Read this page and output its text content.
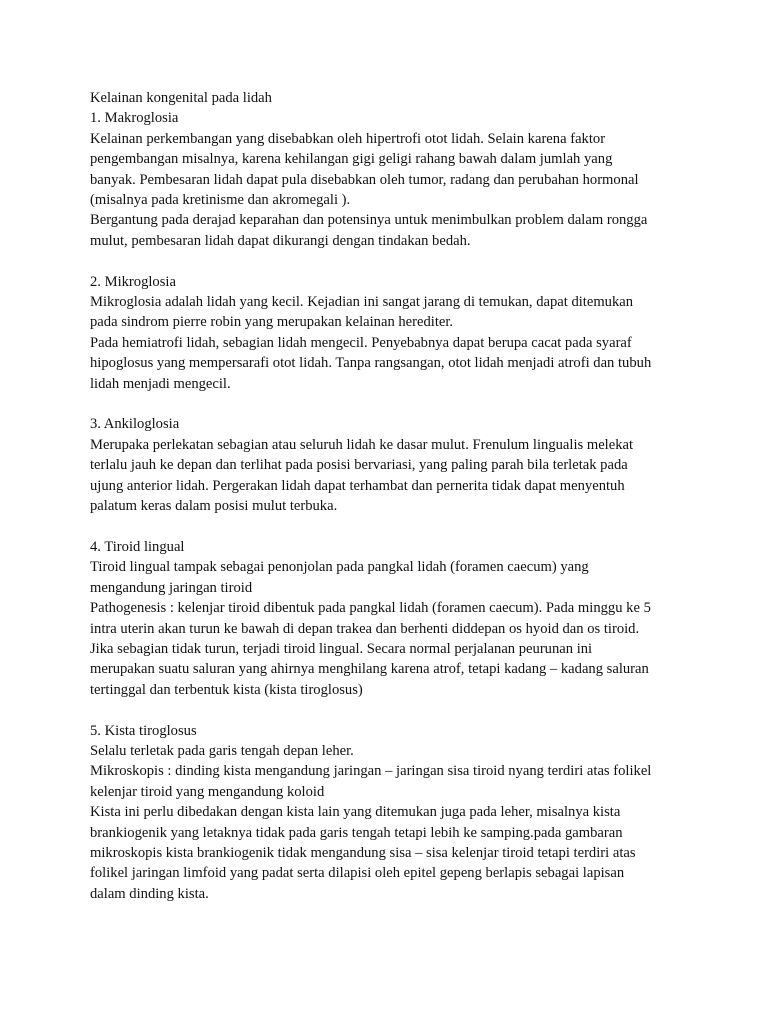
Kelainan kongenital pada lidah
1. Makroglosia
Kelainan perkembangan yang disebabkan oleh hipertrofi otot lidah. Selain karena faktor
pengembangan misalnya, karena kehilangan gigi geligi rahang bawah dalam jumlah yang
banyak. Pembesaran lidah dapat pula disebabkan oleh tumor, radang dan perubahan hormonal
(misalnya pada kretinisme dan akromegali ).
Bergantung pada derajad keparahan dan potensinya untuk menimbulkan problem dalam rongga
mulut, pembesaran lidah dapat dikurangi dengan tindakan bedah.
2. Mikroglosia
Mikroglosia adalah lidah yang kecil. Kejadian ini sangat jarang di temukan, dapat ditemukan
pada sindrom pierre robin yang merupakan kelainan herediter.
Pada hemiatrofi lidah, sebagian lidah mengecil. Penyebabnya dapat berupa cacat pada syaraf
hipoglosus yang mempersarafi otot lidah. Tanpa rangsangan, otot lidah menjadi atrofi dan tubuh
lidah menjadi mengecil.
3. Ankiloglosia
Merupaka perlekatan sebagian atau seluruh lidah ke dasar mulut. Frenulum lingualis melekat
terlalu jauh ke depan dan terlihat pada posisi bervariasi, yang paling parah bila terletak pada
ujung anterior lidah. Pergerakan lidah dapat terhambat dan pernerita tidak dapat menyentuh
palatum keras dalam posisi mulut terbuka.
4. Tiroid lingual
Tiroid lingual tampak sebagai penonjolan pada pangkal lidah (foramen caecum) yang
mengandung jaringan tiroid
Pathogenesis : kelenjar tiroid dibentuk pada pangkal lidah (foramen caecum). Pada minggu ke 5
intra uterin akan turun ke bawah di depan trakea dan berhenti diddepan os hyoid dan os tiroid.
Jika sebagian tidak turun, terjadi tiroid lingual. Secara normal perjalanan peurunan ini
merupakan suatu saluran yang ahirnya menghilang karena atrof, tetapi kadang – kadang saluran
tertinggal dan terbentuk kista (kista tiroglosus)
5. Kista tiroglosus
Selalu terletak pada garis tengah depan leher.
Mikroskopis : dinding kista mengandung jaringan – jaringan sisa tiroid nyang terdiri atas folikel
kelenjar tiroid yang mengandung koloid
Kista ini perlu dibedakan dengan kista lain yang ditemukan juga pada leher, misalnya kista
brankiogenik yang letaknya tidak pada garis tengah tetapi lebih ke samping.pada gambaran
mikroskopis kista brankiogenik tidak mengandung sisa – sisa kelenjar tiroid tetapi terdiri atas
folikel jaringan limfoid yang padat serta dilapisi oleh epitel gepeng berlapis sebagai lapisan
dalam dinding kista.
